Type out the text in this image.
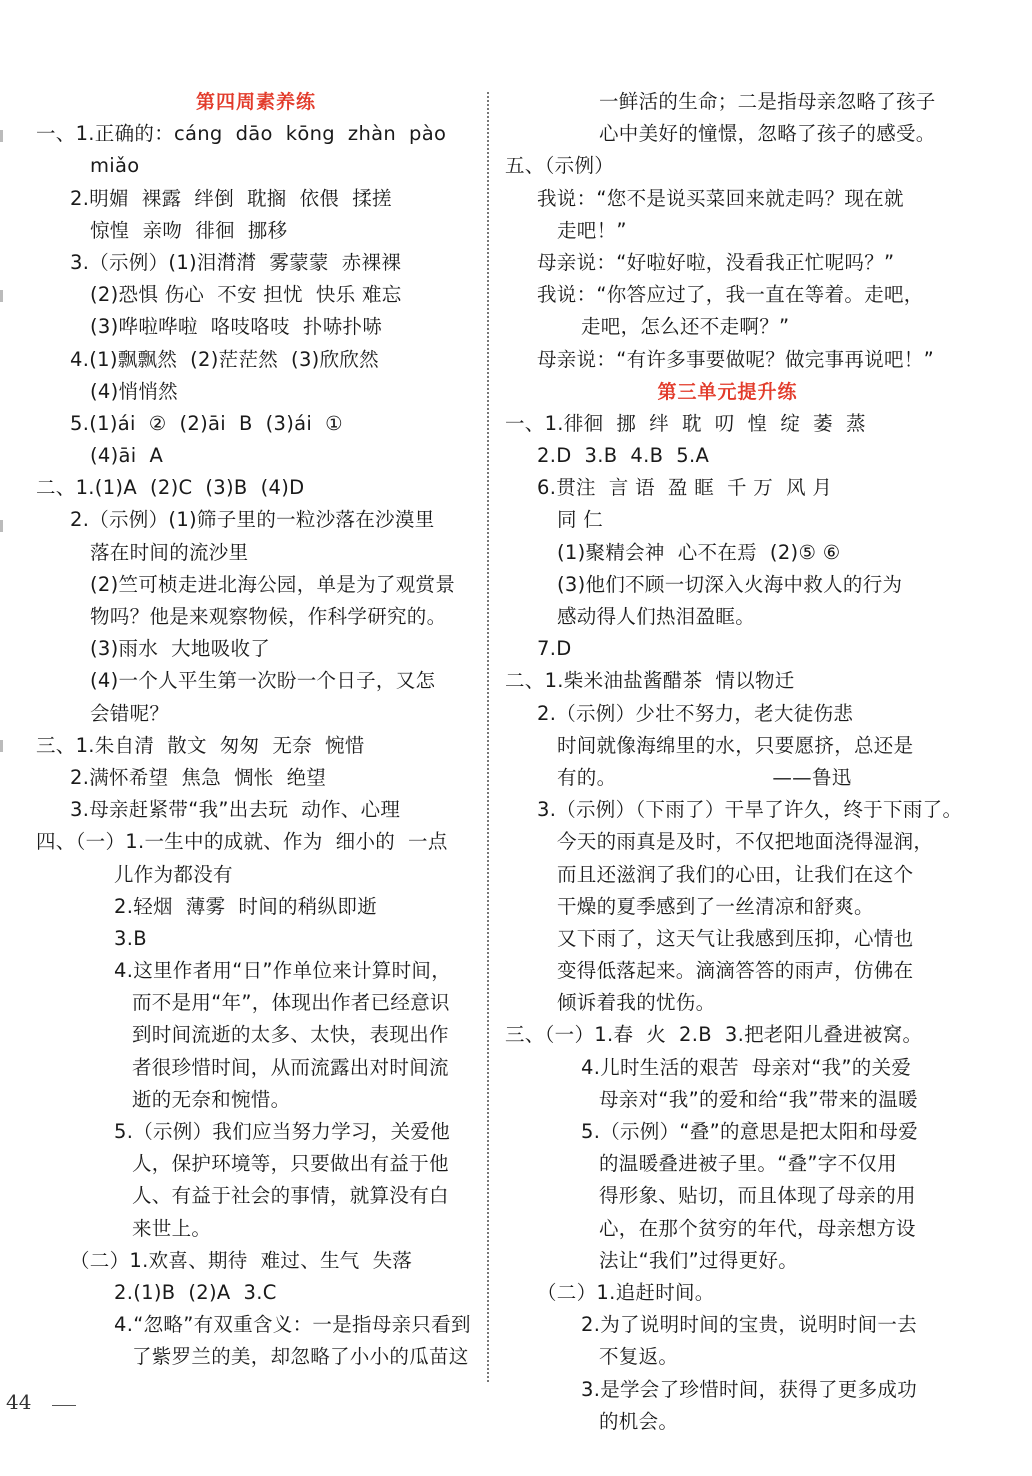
第四周素养练
一、1.正确的：cáng  dāo  kōng  zhàn  pào
miǎo
2.明媚  裸露  绊倒  耽搁  依偎  揉搓
惊惶  亲吻  徘徊  挪移
3.（示例）(1)泪潸潸  雾蒙蒙  赤裸裸
(2)恐惧 伤心  不安 担忧  快乐 难忘
(3)哗啦哗啦  咯吱咯吱  扑哧扑哧
4.(1)飘飘然  (2)茫茫然  (3)欣欣然
(4)悄悄然
5.(1)ái  ②  (2)āi  B  (3)ái  ①
(4)āi  A
二、1.(1)A  (2)C  (3)B  (4)D
2.（示例）(1)筛子里的一粒沙落在沙漠里
落在时间的流沙里
(2)竺可桢走进北海公园，单是为了观赏景
物吗？他是来观察物候，作科学研究的。
(3)雨水  大地吸收了
(4)一个人平生第一次盼一个日子，又怎
会错呢？
三、1.朱自清  散文  匆匆  无奈  惋惜
2.满怀希望  焦急  惆怅  绝望
3.母亲赶紧带“我”出去玩  动作、心理
四、（一）1.一生中的成就、作为  细小的  一点
儿作为都没有
2.轻烟  薄雾  时间的稍纵即逝
3.B
4.这里作者用“日”作单位来计算时间，
而不是用“年”，体现出作者已经意识
到时间流逝的太多、太快，表现出作
者很珍惜时间，从而流露出对时间流
逝的无奈和惋惜。
5.（示例）我们应当努力学习，关爱他
人，保护环境等，只要做出有益于他
人、有益于社会的事情，就算没有白
来世上。
（二）1.欢喜、期待  难过、生气  失落
2.(1)B  (2)A  3.C
4.“忽略”有双重含义：一是指母亲只看到
了紫罗兰的美，却忽略了小小的瓜苗这
一鲜活的生命；二是指母亲忽略了孩子
心中美好的憧憬，忽略了孩子的感受。
五、（示例）
我说：“您不是说买菜回来就走吗？现在就
走吧！”
母亲说：“好啦好啦，没看我正忙呢吗？”
我说：“你答应过了，我一直在等着。走吧，
走吧，怎么还不走啊？”
母亲说：“有许多事要做呢？做完事再说吧！”
第三单元提升练
一、1.徘徊  挪  绊  耽  叨  惶  绽  萎  蒸
2.D  3.B  4.B  5.A
6.贯注  言 语  盈 眶  千 万  风 月
同 仁
(1)聚精会神  心不在焉  (2)⑤ ⑥
(3)他们不顾一切深入火海中救人的行为
感动得人们热泪盈眶。
7.D
二、1.柴米油盐酱醋茶  情以物迁
2.（示例）少壮不努力，老大徒伤悲
时间就像海绵里的水，只要愿挤，总还是
有的。                        ——鲁迅
3.（示例）（下雨了）干旱了许久，终于下雨了。
今天的雨真是及时，不仅把地面浇得湿润，
而且还滋润了我们的心田，让我们在这个
干燥的夏季感到了一丝清凉和舒爽。
又下雨了，这天气让我感到压抑，心情也
变得低落起来。滴滴答答的雨声，仿佛在
倾诉着我的忧伤。
三、（一）1.春  火  2.B  3.把老阳儿叠进被窝。
4.儿时生活的艰苦  母亲对“我”的关爱
母亲对“我”的爱和给“我”带来的温暖
5.（示例）“叠”的意思是把太阳和母爱
的温暖叠进被子里。“叠”字不仅用
得形象、贴切，而且体现了母亲的用
心，在那个贫穷的年代，母亲想方设
法让“我们”过得更好。
（二）1.追赶时间。
2.为了说明时间的宝贵，说明时间一去
不复返。
3.是学会了珍惜时间，获得了更多成功
的机会。
44
